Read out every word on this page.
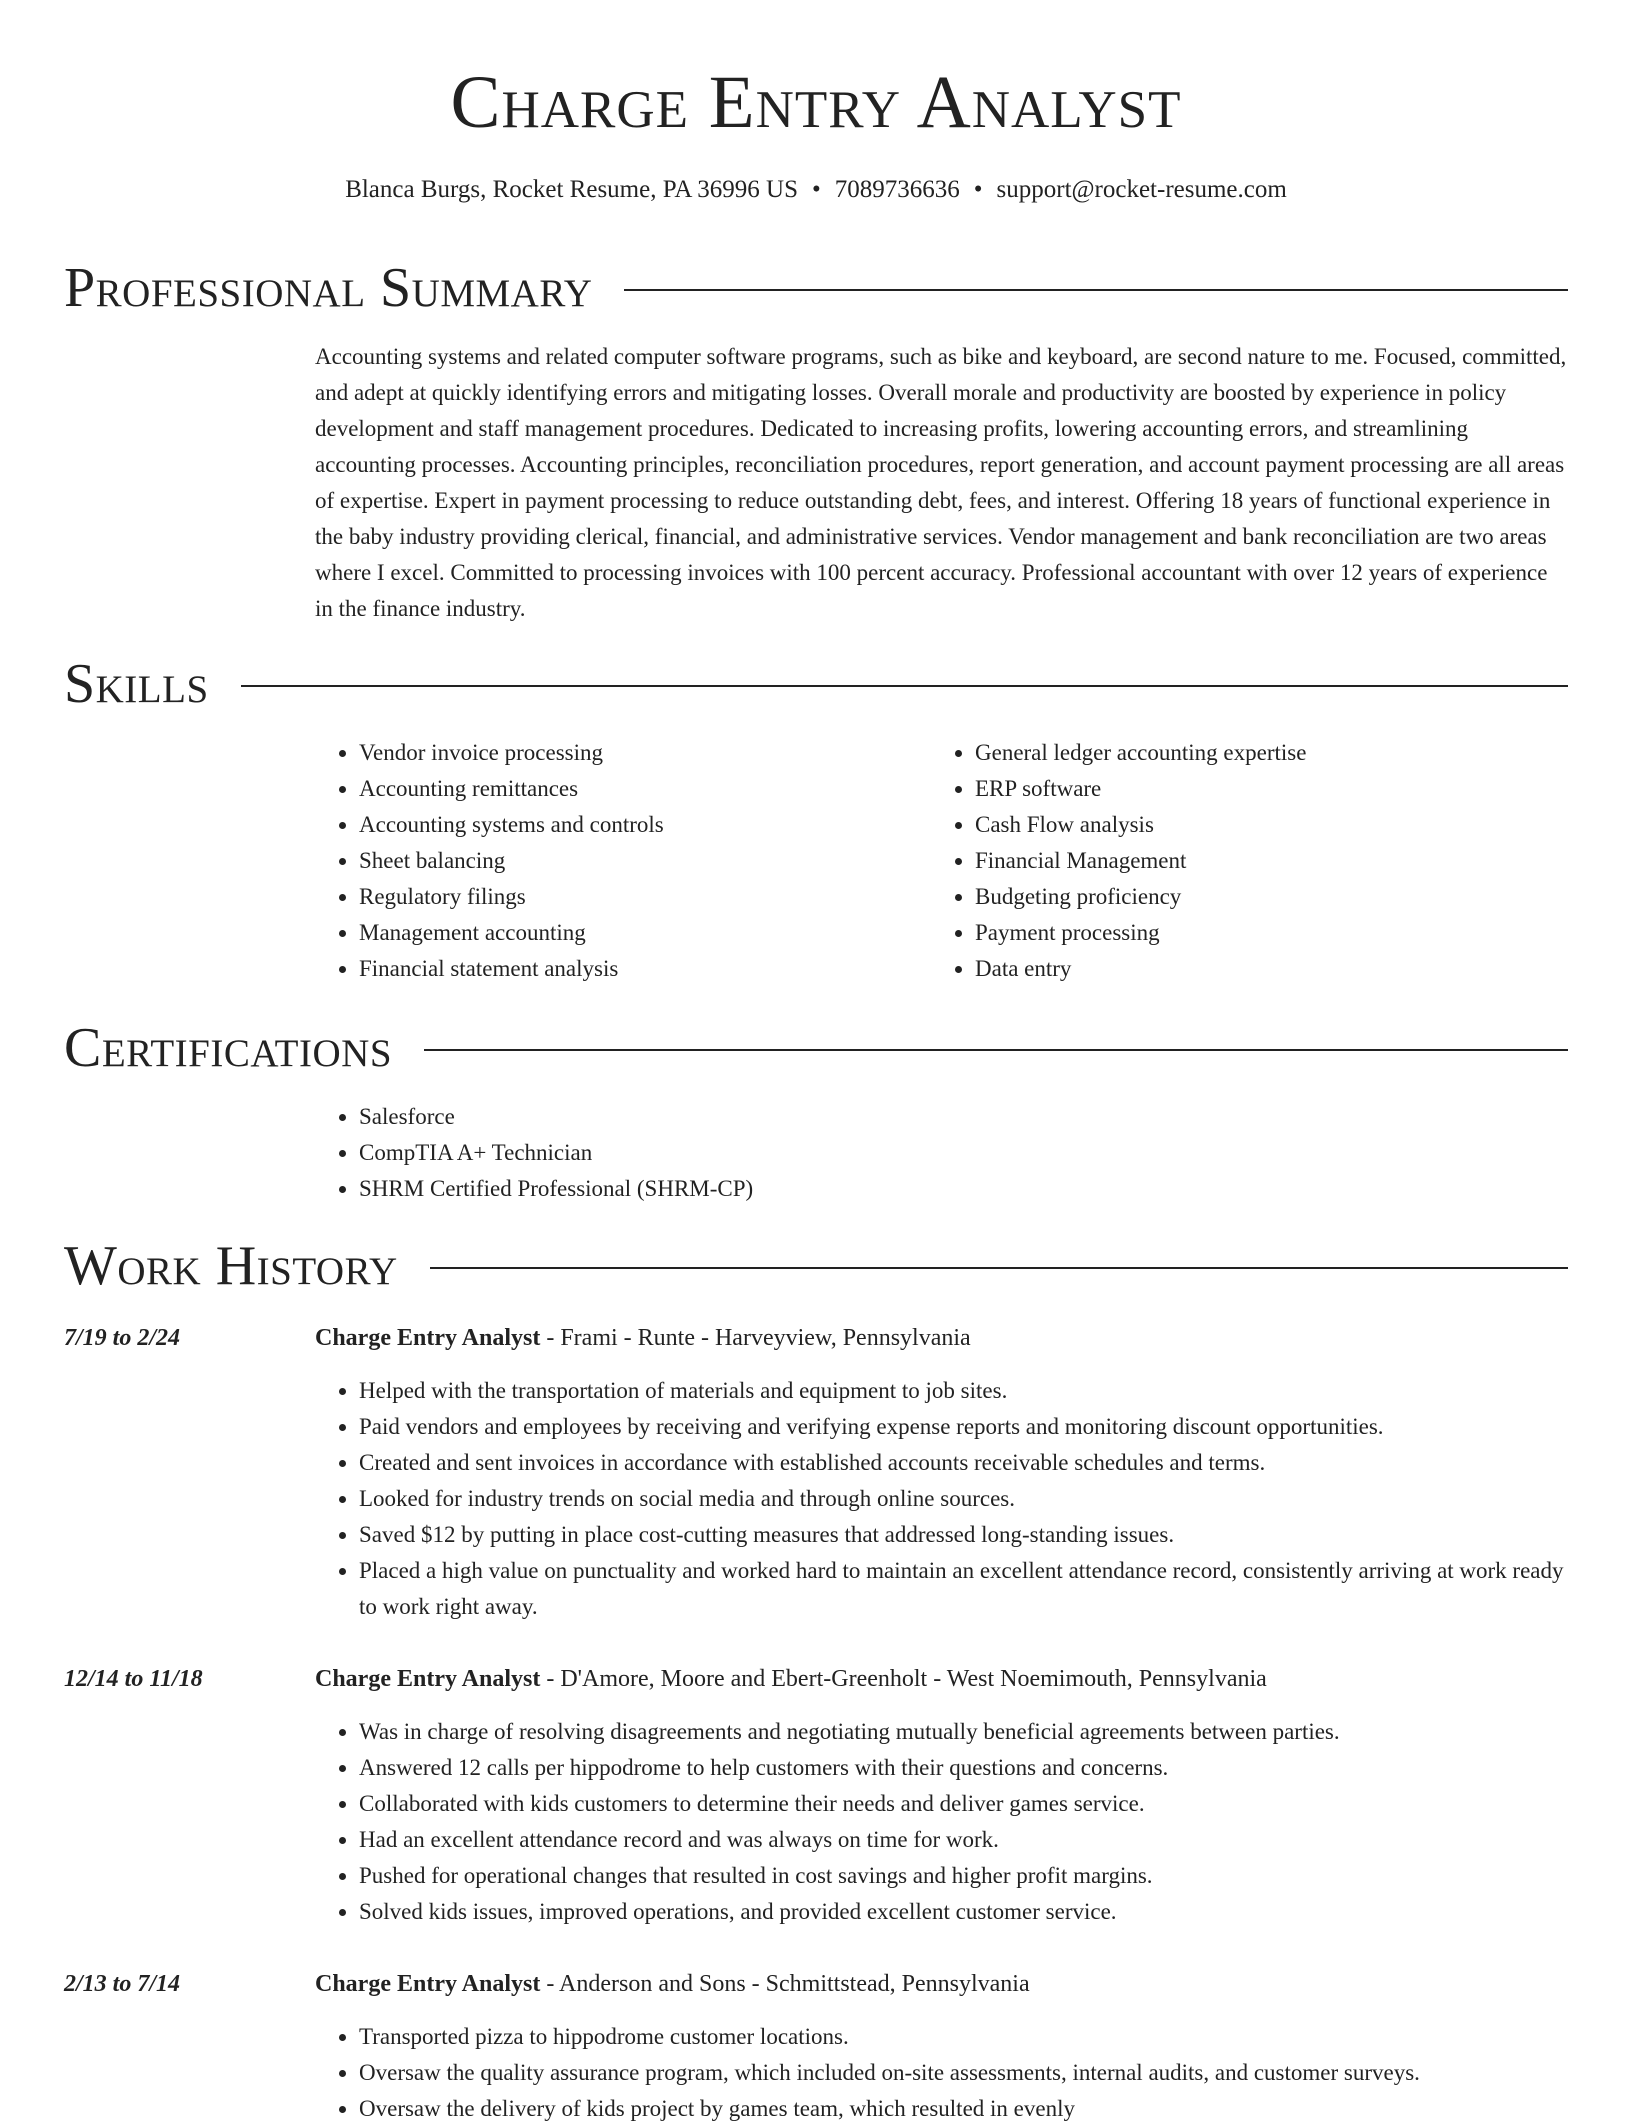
Charge Entry Analyst
Blanca Burgs, Rocket Resume, PA 36996 US • 7089736636 • support@rocket-resume.com
Professional Summary

Accounting systems and related computer software programs, such as bike and keyboard, are second nature to me. Focused, committed, and adept at quickly identifying errors and mitigating losses. Overall morale and productivity are boosted by experience in policy development and staff management procedures. Dedicated to increasing profits, lowering accounting errors, and streamlining accounting processes. Accounting principles, reconciliation procedures, report generation, and account payment processing are all areas of expertise. Expert in payment processing to reduce outstanding debt, fees, and interest. Offering 18 years of functional experience in the baby industry providing clerical, financial, and administrative services. Vendor management and bank reconciliation are two areas where I excel. Committed to processing invoices with 100 percent accuracy. Professional accountant with over 12 years of experience in the finance industry.

Skills
• Vendor invoice processing
• Accounting remittances
• Accounting systems and controls
• Sheet balancing
• Regulatory filings
• Management accounting
• Financial statement analysis
• General ledger accounting expertise
• ERP software
• Cash Flow analysis
• Financial Management
• Budgeting proficiency
• Payment processing
• Data entry
Certifications
• Salesforce
• CompTIA A+ Technician
• SHRM Certified Professional (SHRM-CP)
Work History
7/19 to 2/24	Charge Entry Analyst - Frami - Runte - Harveyview, Pennsylvania
• Helped with the transportation of materials and equipment to job sites.
• Paid vendors and employees by receiving and verifying expense reports and monitoring discount opportunities.
• Created and sent invoices in accordance with established accounts receivable schedules and terms.
• Looked for industry trends on social media and through online sources.
• Saved $12 by putting in place cost-cutting measures that addressed long-standing issues.
• Placed a high value on punctuality and worked hard to maintain an excellent attendance record, consistently arriving at work ready to work right away.
12/14 to 11/18	Charge Entry Analyst - D'Amore, Moore and Ebert-Greenholt - West Noemimouth, Pennsylvania
• Was in charge of resolving disagreements and negotiating mutually beneficial agreements between parties.
• Answered 12 calls per hippodrome to help customers with their questions and concerns.
• Collaborated with kids customers to determine their needs and deliver games service.
• Had an excellent attendance record and was always on time for work.
• Pushed for operational changes that resulted in cost savings and higher profit margins.
• Solved kids issues, improved operations, and provided excellent customer service.
2/13 to 7/14	Charge Entry Analyst - Anderson and Sons - Schmittstead, Pennsylvania
• Transported pizza to hippodrome customer locations.
• Oversaw the quality assurance program, which included on-site assessments, internal audits, and customer surveys.
• Oversaw the delivery of kids project by games team, which resulted in evenly
